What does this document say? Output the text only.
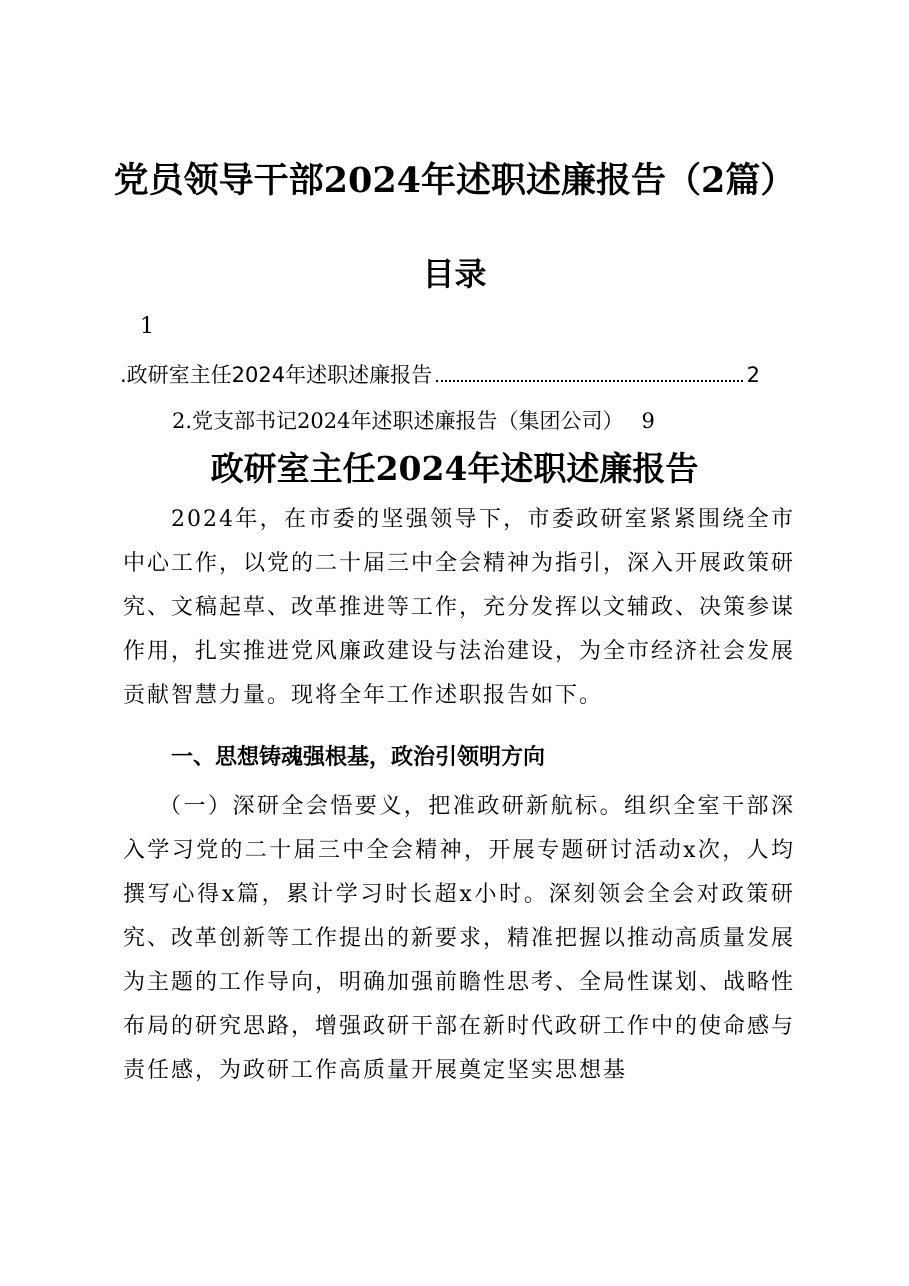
党员领导干部2024年述职述廉报告（2篇）
目录
1
.政研室主任2024年述职述廉报告	2
2.党支部书记2024年述职述廉报告（集团公司） 9
政研室主任2024年述职述廉报告
2024年，在市委的坚强领导下，市委政研室紧紧围绕全市中心工作，以党的二十届三中全会精神为指引，深入开展政策研究、文稿起草、改革推进等工作，充分发挥以文辅政、决策参谋作用，扎实推进党风廉政建设与法治建设，为全市经济社会发展贡献智慧力量。现将全年工作述职报告如下。
一、思想铸魂强根基，政治引领明方向
（一）深研全会悟要义，把准政研新航标。组织全室干部深入学习党的二十届三中全会精神，开展专题研讨活动x次，人均撰写心得x篇，累计学习时长超x小时。深刻领会全会对政策研究、改革创新等工作提出的新要求，精准把握以推动高质量发展为主题的工作导向，明确加强前瞻性思考、全局性谋划、战略性布局的研究思路，增强政研干部在新时代政研工作中的使命感与责任感，为政研工作高质量开展奠定坚实思想基
